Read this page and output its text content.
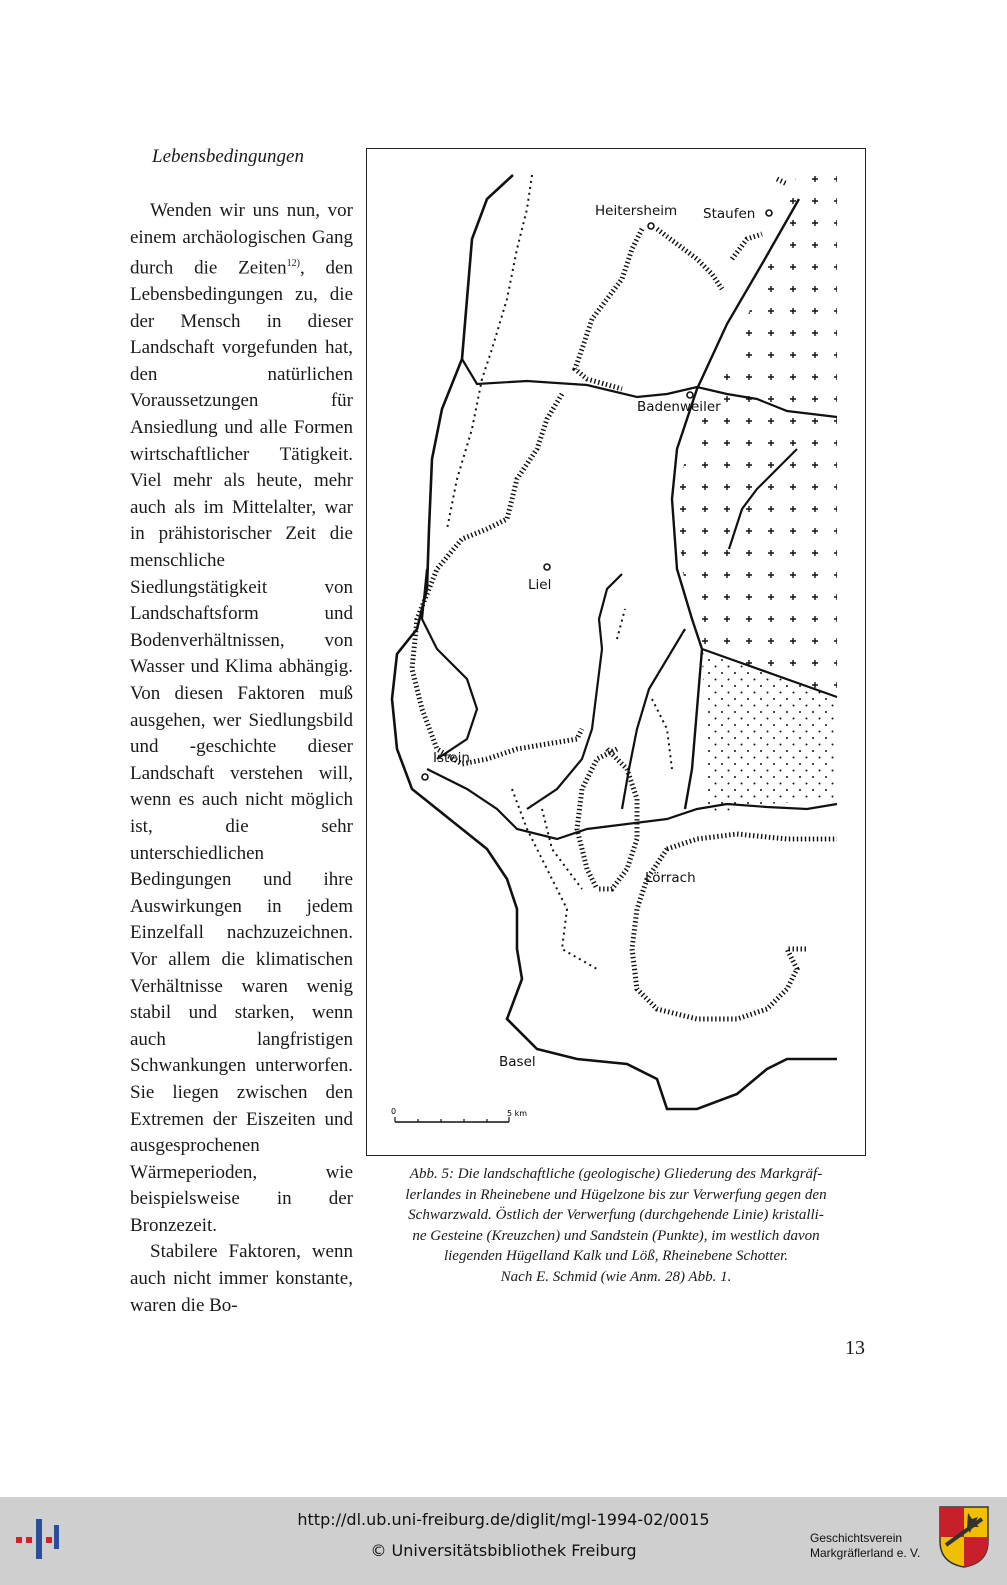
Lebensbedingungen

Wenden wir uns nun, vor einem archäologischen Gang durch die Zeiten$^{12)}$, den Lebensbedingungen zu, die der Mensch in dieser Landschaft vorgefunden hat, den natürlichen Voraussetzungen für Ansiedlung und alle Formen wirtschaftlicher Tätigkeit. Viel mehr als heute, mehr auch als im Mittelalter, war in prähistorischer Zeit die menschliche Siedlungstätigkeit von Landschaftsform und Bodenverhältnissen, von Wasser und Klima abhängig. Von diesen Faktoren muß ausgehen, wer Siedlungsbild und -geschichte dieser Landschaft verstehen will, wenn es auch nicht möglich ist, die sehr unterschiedlichen Bedingungen und ihre Auswirkungen in jedem Einzelfall nachzuzeichnen. Vor allem die klimatischen Verhältnisse waren wenig stabil und starken, wenn auch langfristigen Schwankungen unterworfen. Sie liegen zwischen den Extremen der Eiszeiten und ausgesprochenen Wärmeperioden, wie beispielsweise in der Bronzezeit.

Stabilere Faktoren, wenn auch nicht immer konstante, waren die Bo-

Heitersheim Staufen
Badenweiler
Liel
Istein
Lörrach
Basel
0	5 km
Abb. 5: Die landschaftliche (geologische) Gliederung des Markgräf-
lerlandes in Rheinebene und Hügelzone bis zur Verwerfung gegen den
Schwarzwald. Östlich der Verwerfung (durchgehende Linie) kristalli-
ne Gesteine (Kreuzchen) und Sandstein (Punkte), im westlich davon
liegenden Hügelland Kalk und Löß, Rheinebene Schotter.
Nach E. Schmid (wie Anm. 28) Abb. 1.
13
http://dl.ub.uni-freiburg.de/diglit/mgl-1994-02/0015
© Universitätsbibliothek Freiburg
Geschichtsverein
Markgräflerland e. V.
